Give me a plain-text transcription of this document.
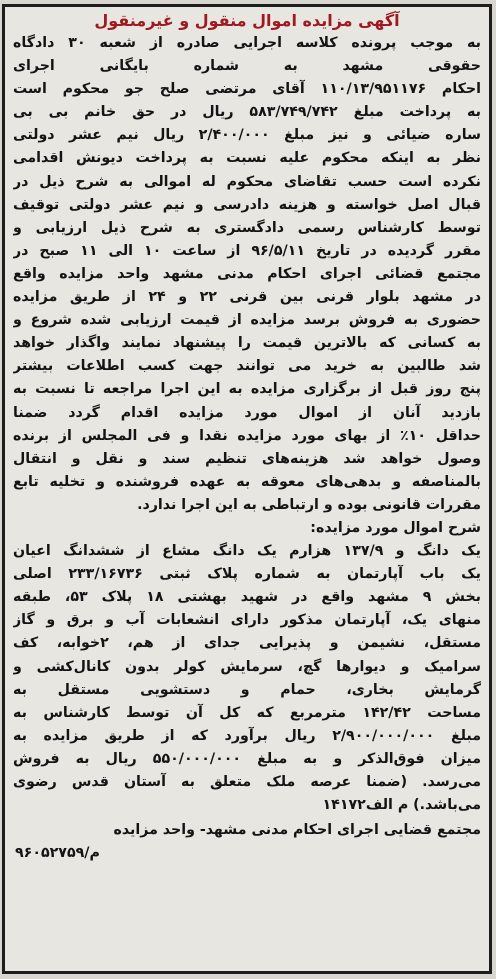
آگهی مزایده اموال منقول و غیرمنقول

به موجب پرونده کلاسه اجرایی صادره از شعبه ۳۰ دادگاه

حقوقی مشهد به شماره بایگانی اجرای

احکام ۱۱۰/۱۳/۹۵۱۱۷۶ آقای مرتضی صلح جو محکوم است

به پرداخت مبلغ ۵۸۳/۷۴۹/۷۴۲ ریال در حق خانم بی بی

ساره ضیائی و نیز مبلغ ۲/۴۰۰/۰۰۰ ریال نیم عشر دولتی

نظر به اینکه محکوم علیه نسبت به پرداخت دیونش اقدامی

نکرده است حسب تقاضای محکوم له اموالی به شرح ذیل در

قبال اصل خواسته و هزینه دادرسی و نیم عشر دولتی توقیف

توسط کارشناس رسمی دادگستری به شرح ذیل ارزیابی و

مقرر گردیده در تاریخ ۹۶/۵/۱۱ از ساعت ۱۰ الی ۱۱ صبح در

مجتمع قضائی اجرای احکام مدنی مشهد واحد مزایده واقع

در مشهد بلوار قرنی بین قرنی ۲۲ و ۲۴ از طریق مزایده

حضوری به فروش برسد مزایده از قیمت ارزیابی شده شروع و

به کسانی که بالاترین قیمت را پیشنهاد نمایند واگذار خواهد

شد طالبین به خرید می توانند جهت کسب اطلاعات بیشتر

پنج روز قبل از برگزاری مزایده به این اجرا مراجعه تا نسبت به

بازدید آنان از اموال مورد مزایده اقدام گردد ضمنا

حداقل ۱۰٪ از بهای مورد مزایده نقدا و فی المجلس از برنده

وصول خواهد شد هزینه‌های تنظیم سند و نقل و انتقال

بالمناصفه و بدهی‌های معوقه به عهده فروشنده و تخلیه تابع

مقررات قانونی بوده و ارتباطی به این اجرا ندارد.

شرح اموال مورد مزایده:

یک دانگ و ۱۳۷/۹ هزارم یک دانگ مشاع از ششدانگ اعیان

یک باب آپارتمان به شماره پلاک ثبتی ۲۳۳/۱۶۷۳۶ اصلی

بخش ۹ مشهد واقع در شهید بهشتی ۱۸ پلاک ۵۳، طبقه

منهای یک، آپارتمان مذکور دارای انشعابات آب و برق و گاز

مستقل، نشیمن و پذیرایی جدای از هم، ۲خوابه، کف

سرامیک و دیوارها گچ، سرمایش کولر بدون کانال‌کشی و

گرمایش بخاری، حمام و دستشویی مستقل به

مساحت ۱۴۲/۴۲ مترمربع که کل آن توسط کارشناس به

مبلغ ۲/۹۰۰/۰۰۰/۰۰۰ ریال برآورد که از طریق مزایده به

میزان فوق‌الذکر و به مبلغ ۵۵۰/۰۰۰/۰۰۰ ریال به فروش

می‌رسد. (ضمنا عرصه ملک متعلق به آستان قدس رضوی

می‌باشد.) م الف۱۴۱۷۲

مجتمع قضایی اجرای احکام مدنی مشهد- واحد مزایده
م/۹۶۰۵۲۷۵۹
